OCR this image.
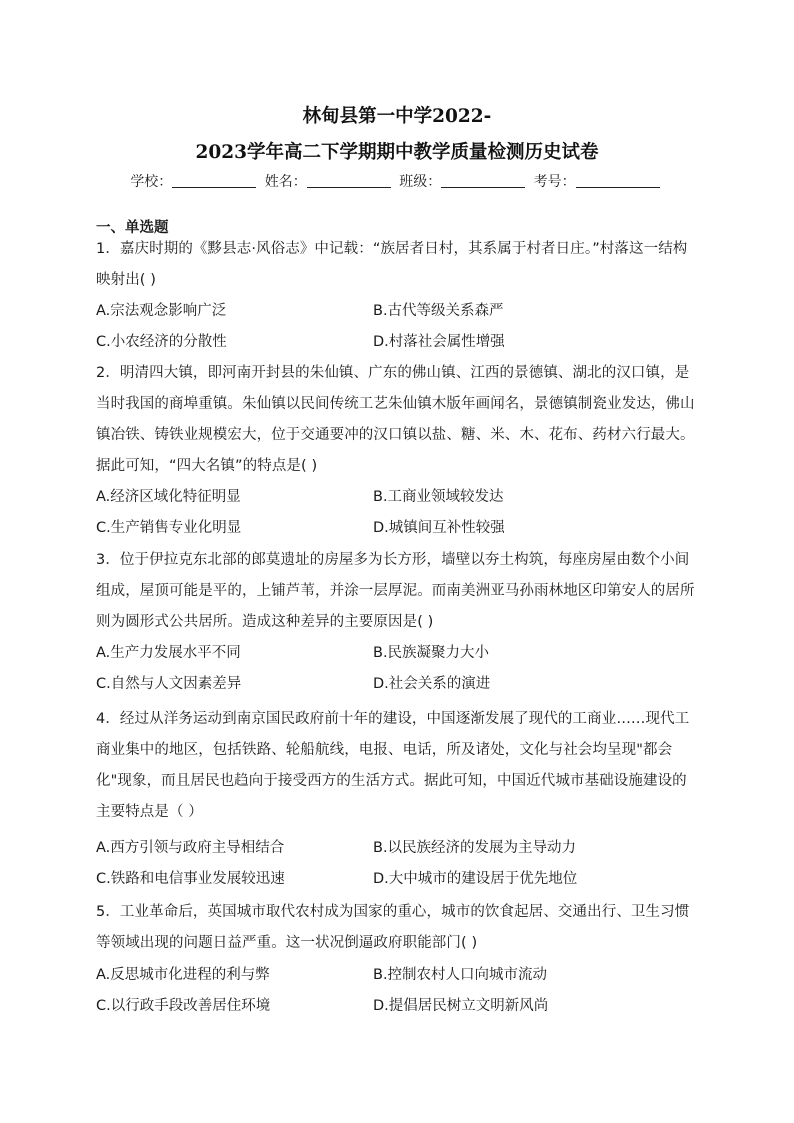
林甸县第一中学2022-
2023学年高二下学期期中教学质量检测历史试卷
学校：	姓名：	班级：	考号：
一、单选题
1．嘉庆时期的《黟县志·风俗志》中记载：“族居者日村，其系属于村者日庄。”村落这一结构映射出( )
A.宗法观念影响广泛	B.古代等级关系森严
C.小农经济的分散性	D.村落社会属性增强
2．明清四大镇，即河南开封县的朱仙镇、广东的佛山镇、江西的景德镇、湖北的汉口镇，是当时我国的商埠重镇。朱仙镇以民间传统工艺朱仙镇木版年画闻名，景德镇制瓷业发达，佛山镇冶铁、铸铁业规模宏大，位于交通要冲的汉口镇以盐、糖、米、木、花布、药材六行最大。据此可知，“四大名镇”的特点是( )
A.经济区域化特征明显	B.工商业领域较发达
C.生产销售专业化明显	D.城镇间互补性较强
3．位于伊拉克东北部的郎莫遗址的房屋多为长方形，墙壁以夯土构筑，每座房屋由数个小间组成，屋顶可能是平的，上铺芦苇，并涂一层厚泥。而南美洲亚马孙雨林地区印第安人的居所则为圆形式公共居所。造成这种差异的主要原因是( )
A.生产力发展水平不同	B.民族凝聚力大小
C.自然与人文因素差异	D.社会关系的演进
4．经过从洋务运动到南京国民政府前十年的建设，中国逐渐发展了现代的工商业……现代工商业集中的地区，包括铁路、轮船航线，电报、电话，所及诸处，文化与社会均呈现"都会化"现象，而且居民也趋向于接受西方的生活方式。据此可知，中国近代城市基础设施建设的主要特点是（ ）
A.西方引领与政府主导相结合	B.以民族经济的发展为主导动力
C.铁路和电信事业发展较迅速	D.大中城市的建设居于优先地位
5．工业革命后，英国城市取代农村成为国家的重心，城市的饮食起居、交通出行、卫生习惯等领域出现的问题日益严重。这一状况倒逼政府职能部门( )
A.反思城市化进程的利与弊	B.控制农村人口向城市流动
C.以行政手段改善居住环境	D.提倡居民树立文明新风尚
